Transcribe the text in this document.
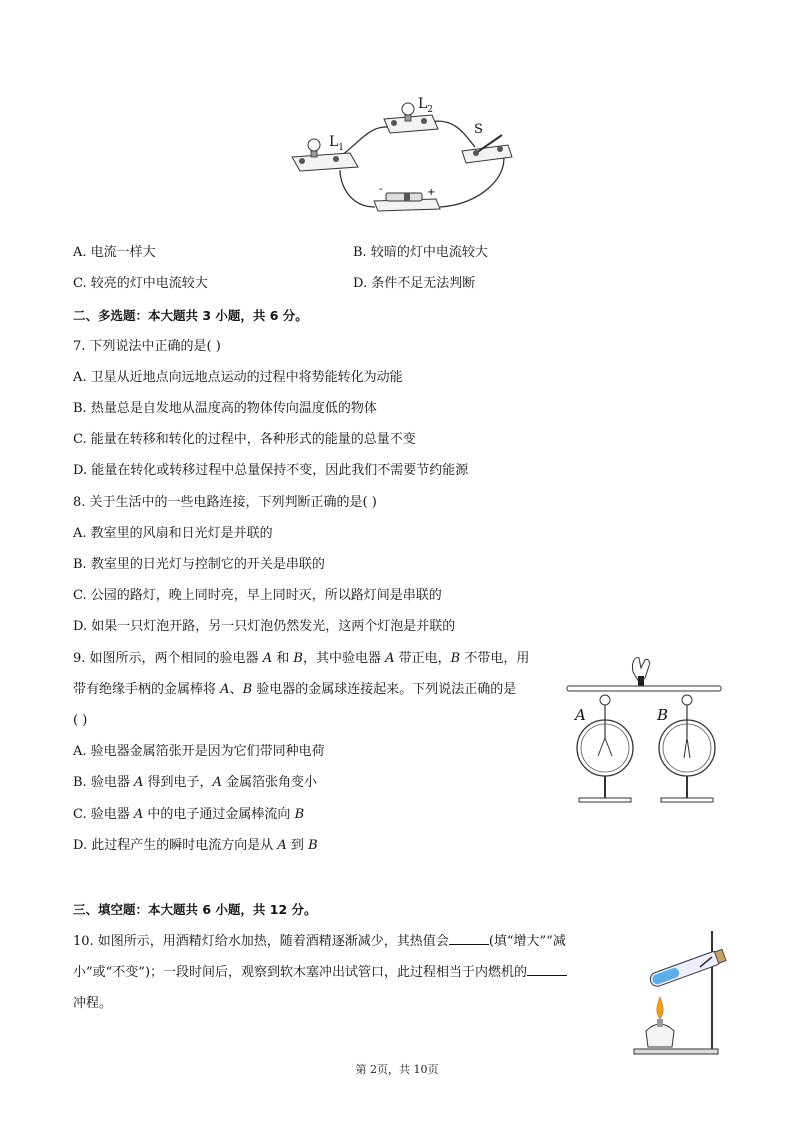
-	+
$L_1$
$L_2$
S
A. 电流一样大	B. 较暗的灯中电流较大
C. 较亮的灯中电流较大	D. 条件不足无法判断
二、多选题：本大题共 3 小题，共 6 分。
7. 下列说法中正确的是( )
A. 卫星从近地点向远地点运动的过程中将势能转化为动能
B. 热量总是自发地从温度高的物体传向温度低的物体
C. 能量在转移和转化的过程中，各种形式的能量的总量不变
D. 能量在转化或转移过程中总量保持不变，因此我们不需要节约能源
8. 关于生活中的一些电路连接，下列判断正确的是( )
A. 教室里的风扇和日光灯是并联的
B. 教室里的日光灯与控制它的开关是串联的
C. 公园的路灯，晚上同时亮，早上同时灭，所以路灯间是串联的
D. 如果一只灯泡开路，另一只灯泡仍然发光，这两个灯泡是并联的
9. 如图所示，两个相同的验电器 A 和 B，其中验电器 A 带正电，B 不带电，用
带有绝缘手柄的金属棒将 A、B 验电器的金属球连接起来。下列说法正确的是
( )
A. 验电器金属箔张开是因为它们带同种电荷
B. 验电器 A 得到电子，A 金属箔张角变小
C. 验电器 A 中的电子通过金属棒流向 B
D. 此过程产生的瞬时电流方向是从 A 到 B
A	B
三、填空题：本大题共 6 小题，共 12 分。
10. 如图所示，用酒精灯给水加热，随着酒精逐渐减少，其热值会	(填“增大”“减
小”或“不变”)；一段时间后，观察到软木塞冲出试管口，此过程相当于内燃机的
冲程。
第 2页，共 10页
